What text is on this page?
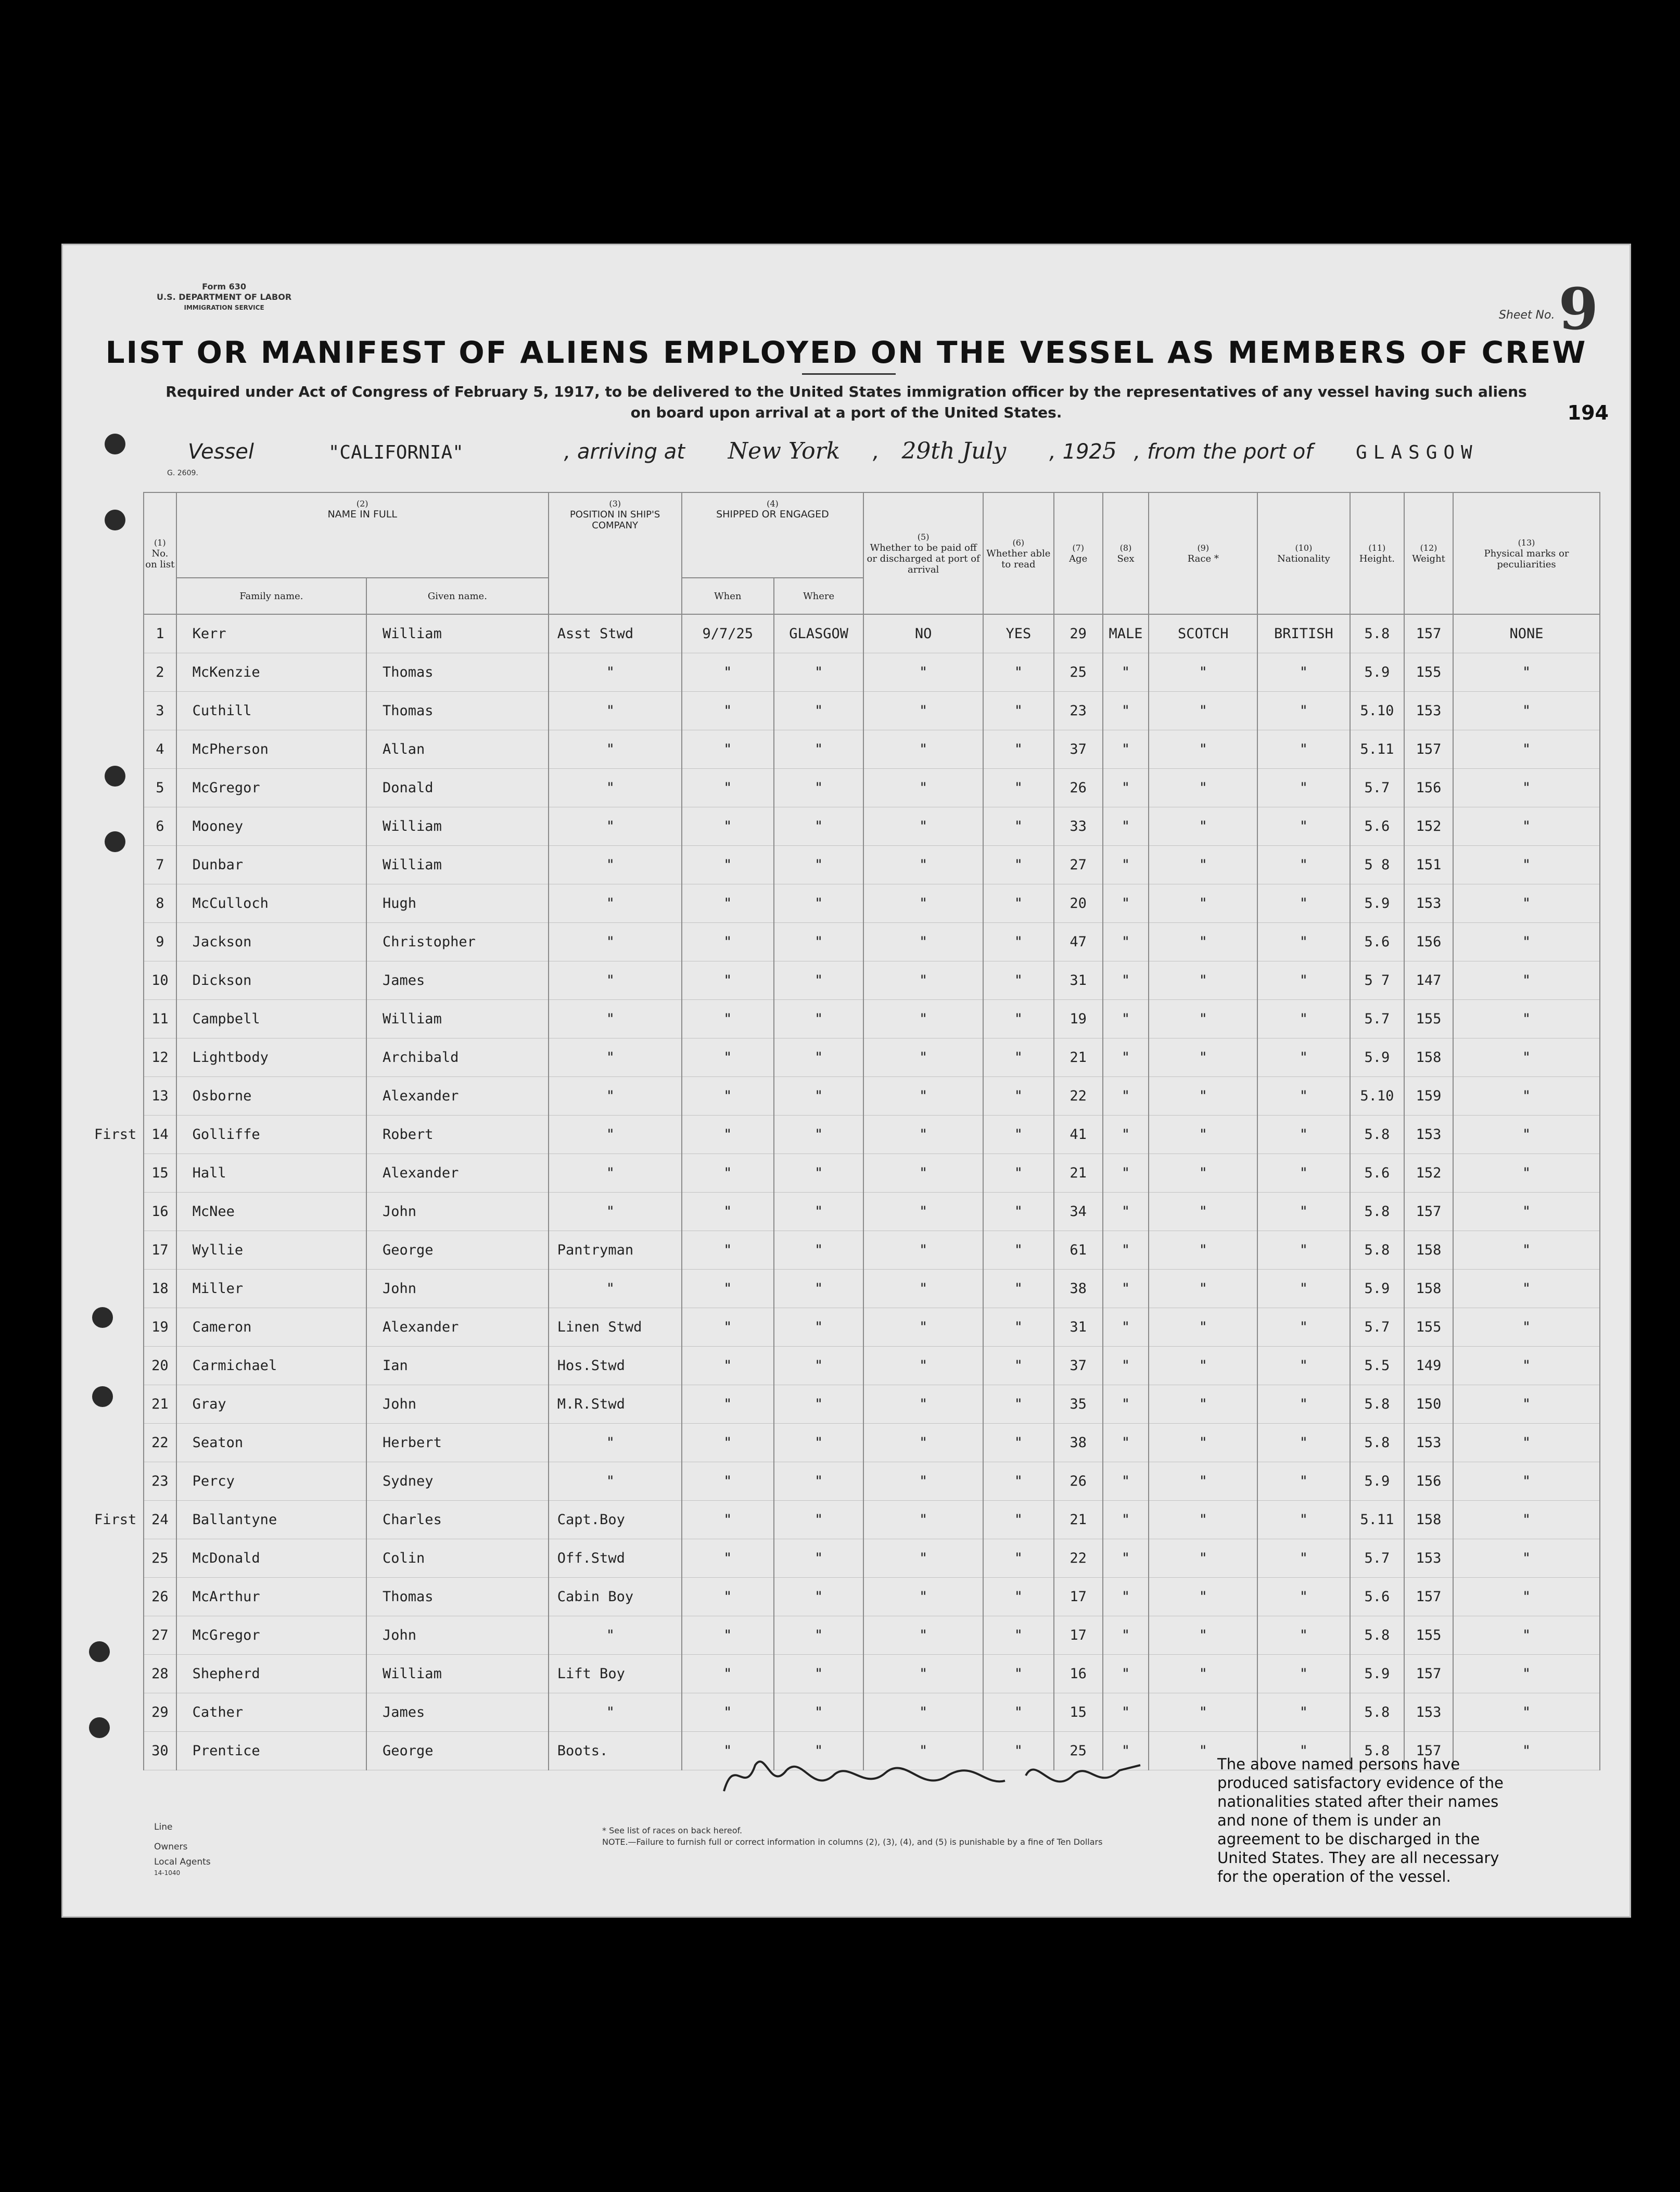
Form 630
U.S. DEPARTMENT OF LABOR
IMMIGRATION SERVICE
Sheet No. 9
LIST OR MANIFEST OF ALIENS EMPLOYED ON THE VESSEL AS MEMBERS OF CREW
Required under Act of Congress of February 5, 1917, to be delivered to the United States immigration officer by the representatives of any vessel having such aliens
on board upon arrival at a port of the United States.	194
Vessel	"CALIFORNIA"	, arriving at New York , 29th July , 1925 , from the port of GLASGOW
G. 2609.
(1)
No. on list	(2)
NAME IN FULL		(3)
POSITION IN SHIP'S COMPANY	(4)
SHIPPED OR ENGAGED		(5)
Whether to be paid off or discharged at port of arrival	(6)
Whether able to read	(7)
Age	(8)
Sex	(9)
Race *	(10)
Nationality	(11)
Height.	(12)
Weight	(13)
Physical marks or peculiarities
	Family name.	Given name.		When	Where									
1	Kerr	William	Asst Stwd	9/7/25	GLASGOW	NO	YES	29	MALE	SCOTCH	BRITISH	5.8	157	NONE
2	McKenzie	Thomas	"	"	"	"	"	25	"	"	"	5.9	155	"
3	Cuthill	Thomas	"	"	"	"	"	23	"	"	"	5.10	153	"
4	McPherson	Allan	"	"	"	"	"	37	"	"	"	5.11	157	"
5	McGregor	Donald	"	"	"	"	"	26	"	"	"	5.7	156	"
6	Mooney	William	"	"	"	"	"	33	"	"	"	5.6	152	"
7	Dunbar	William	"	"	"	"	"	27	"	"	"	5 8	151	"
8	McCulloch	Hugh	"	"	"	"	"	20	"	"	"	5.9	153	"
9	Jackson	Christopher	"	"	"	"	"	47	"	"	"	5.6	156	"
10	Dickson	James	"	"	"	"	"	31	"	"	"	5 7	147	"
11	Campbell	William	"	"	"	"	"	19	"	"	"	5.7	155	"
12	Lightbody	Archibald	"	"	"	"	"	21	"	"	"	5.9	158	"
13	Osborne	Alexander	"	"	"	"	"	22	"	"	"	5.10	159	"
14	Golliffe	Robert	"	"	"	"	"	41	"	"	"	5.8	153	"
15	Hall	Alexander	"	"	"	"	"	21	"	"	"	5.6	152	"
16	McNee	John	"	"	"	"	"	34	"	"	"	5.8	157	"
17	Wyllie	George	Pantryman	"	"	"	"	61	"	"	"	5.8	158	"
18	Miller	John	"	"	"	"	"	38	"	"	"	5.9	158	"
19	Cameron	Alexander	Linen Stwd	"	"	"	"	31	"	"	"	5.7	155	"
20	Carmichael	Ian	Hos.Stwd	"	"	"	"	37	"	"	"	5.5	149	"
21	Gray	John	M.R.Stwd	"	"	"	"	35	"	"	"	5.8	150	"
22	Seaton	Herbert	"	"	"	"	"	38	"	"	"	5.8	153	"
23	Percy	Sydney	"	"	"	"	"	26	"	"	"	5.9	156	"
24	Ballantyne	Charles	Capt.Boy	"	"	"	"	21	"	"	"	5.11	158	"
25	McDonald	Colin	Off.Stwd	"	"	"	"	22	"	"	"	5.7	153	"
26	McArthur	Thomas	Cabin Boy	"	"	"	"	17	"	"	"	5.6	157	"
27	McGregor	John	"	"	"	"	"	17	"	"	"	5.8	155	"
28	Shepherd	William	Lift Boy	"	"	"	"	16	"	"	"	5.9	157	"
29	Cather	James	"	"	"	"	"	15	"	"	"	5.8	153	"
30	Prentice	George	Boots.	"	"	"	"	25	"	"	"	5.8	157	"
First
First
The above named persons have produced satisfactory evidence of the nationalities stated after their names and none of them is under an agreement to be discharged in the United States. They are all necessary for the operation of the vessel.
Line
Owners
Local Agents
14-1040
* See list of races on back hereof.
NOTE.—Failure to furnish full or correct information in columns (2), (3), (4), and (5) is punishable by a fine of Ten Dollars
